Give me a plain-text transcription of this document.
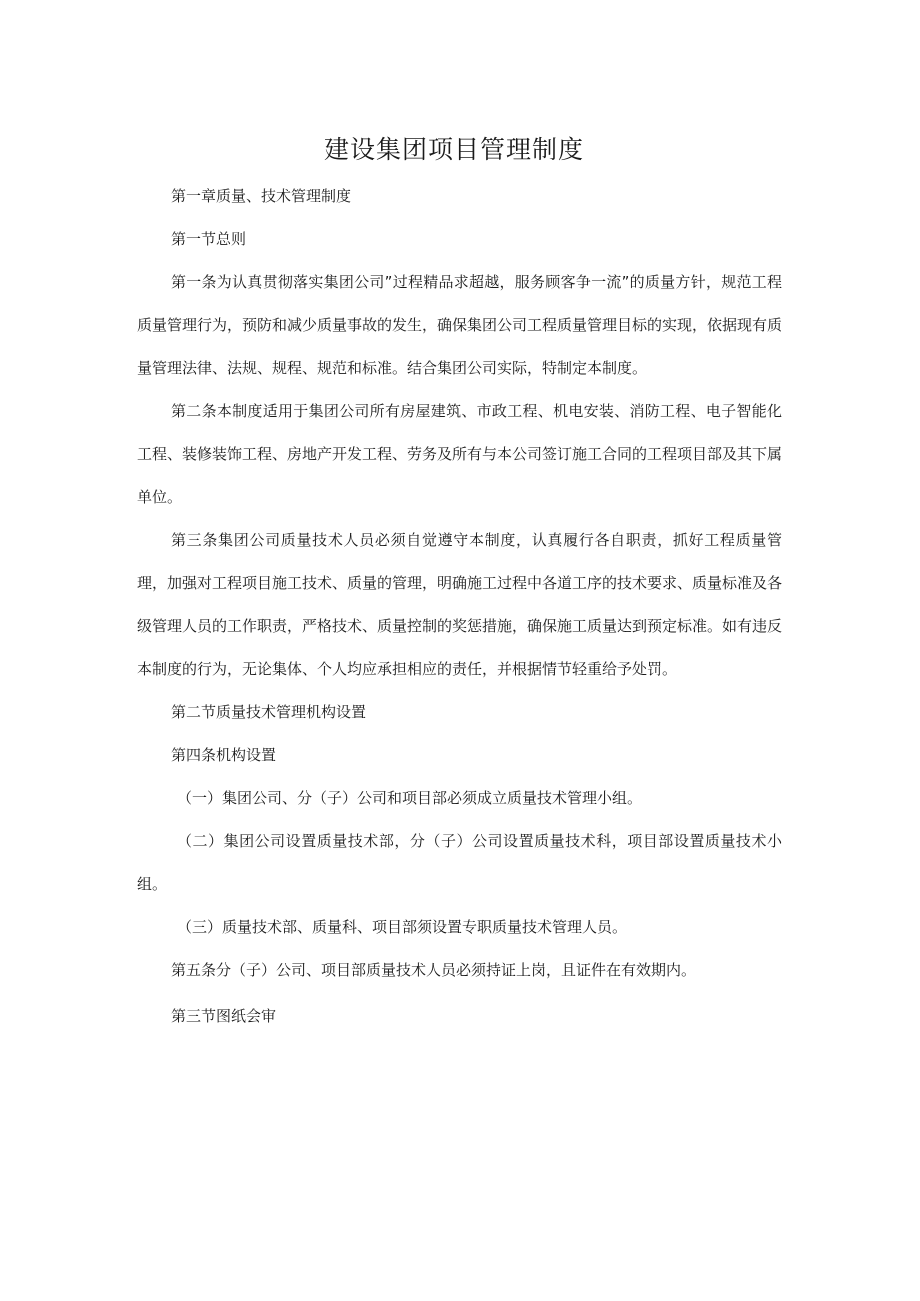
建设集团项目管理制度

第一章质量、技术管理制度

第一节总则

第一条为认真贯彻落实集团公司”过程精品求超越，服务顾客争一流”的质量方针，规范工程质量管理行为，预防和减少质量事故的发生，确保集团公司工程质量管理目标的实现，依据现有质量管理法律、法规、规程、规范和标准。结合集团公司实际，特制定本制度。

第二条本制度适用于集团公司所有房屋建筑、市政工程、机电安装、消防工程、电子智能化工程、装修装饰工程、房地产开发工程、劳务及所有与本公司签订施工合同的工程项目部及其下属单位。

第三条集团公司质量技术人员必须自觉遵守本制度，认真履行各自职责，抓好工程质量管理，加强对工程项目施工技术、质量的管理，明确施工过程中各道工序的技术要求、质量标准及各级管理人员的工作职责，严格技术、质量控制的奖惩措施，确保施工质量达到预定标准。如有违反本制度的行为，无论集体、个人均应承担相应的责任，并根据情节轻重给予处罚。

第二节质量技术管理机构设置

第四条机构设置

（一）集团公司、分（子）公司和项目部必须成立质量技术管理小组。

（二）集团公司设置质量技术部，分（子）公司设置质量技术科，项目部设置质量技术小组。

（三）质量技术部、质量科、项目部须设置专职质量技术管理人员。

第五条分（子）公司、项目部质量技术人员必须持证上岗，且证件在有效期内。

第三节图纸会审
